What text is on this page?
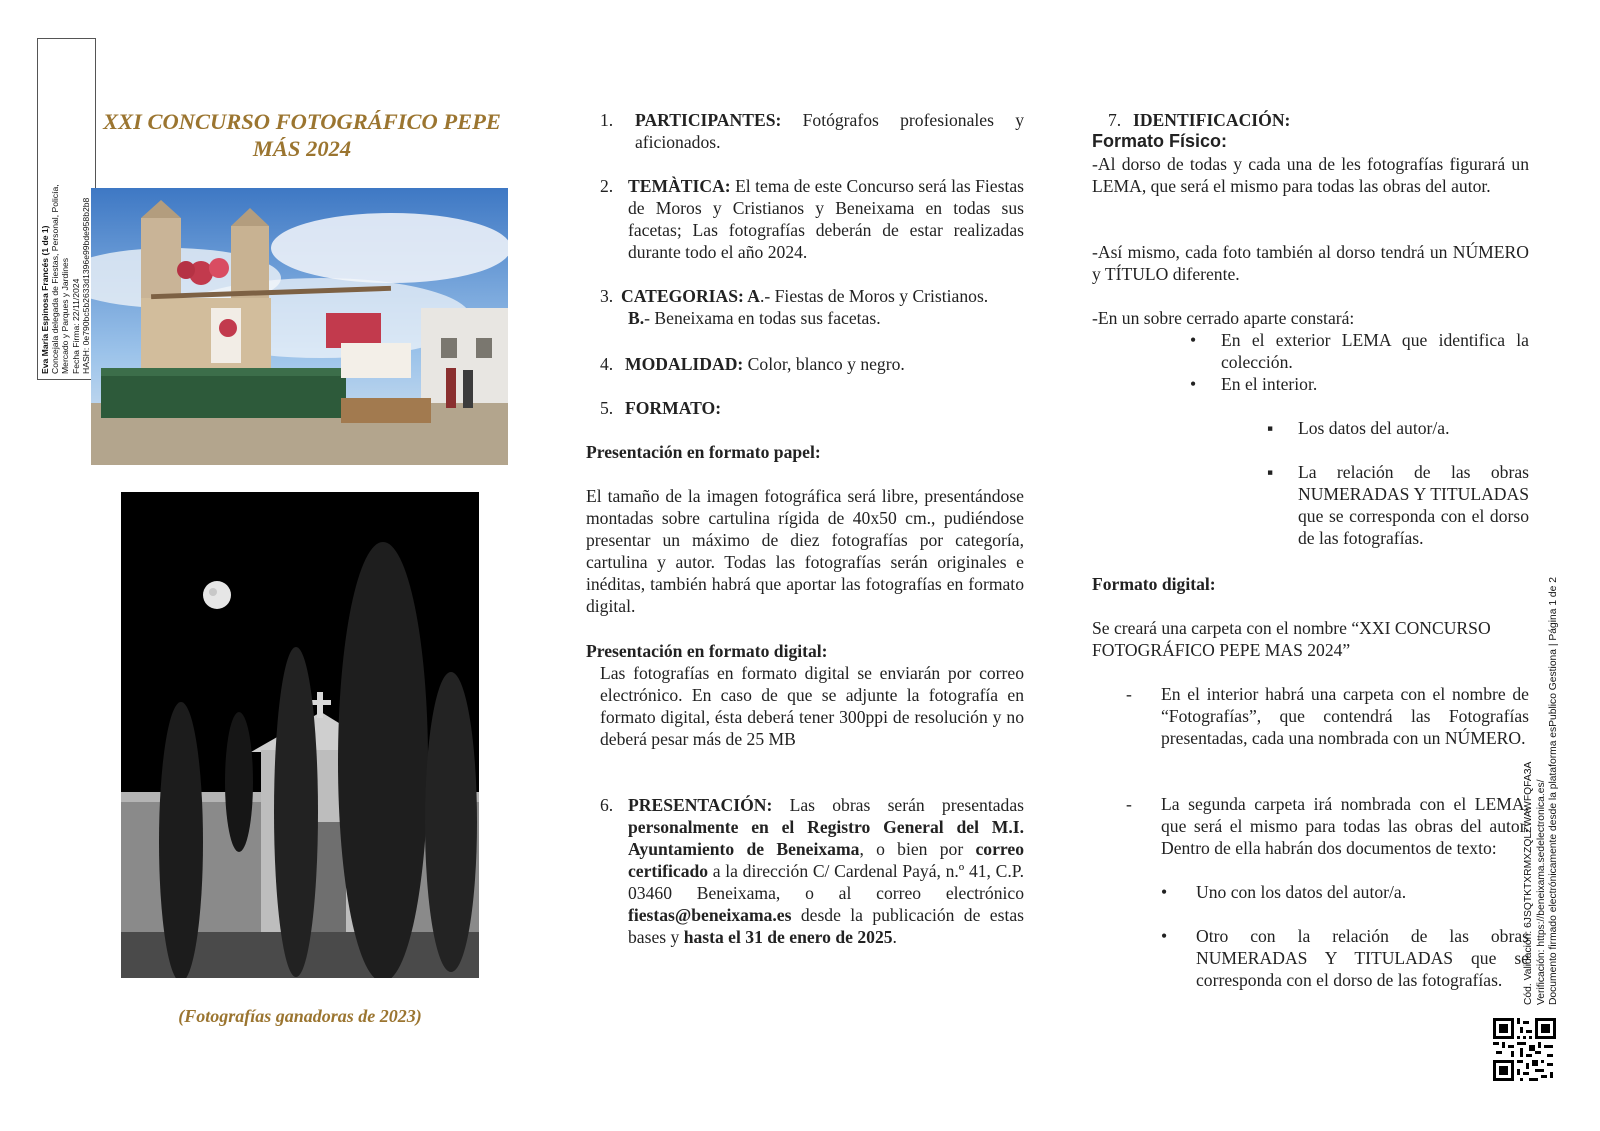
Eva María Espinosa Francés (1 de 1) Concejala delegada de Fiestas, Personal, Policía, Mercado y Parques y Jardines Fecha Firma: 22/11/2024 HASH: 0e790bc5b2633d1396e99bde958b2b8
XXI CONCURSO FOTOGRÁFICO PEPE
MÁS 2024
(Fotografías ganadoras de 2023)
1. PARTICIPANTES: Fotógrafos profesionales y aficionados.
2. TEMÀTICA: El tema de este Concurso será las Fiestas de Moros y Cristianos y Beneixama en todas sus facetas; Las fotografías deberán de estar realizadas durante todo el año 2024.
3. CATEGORIAS: A.- Fiestas de Moros y Cristianos.
B.- Beneixama en todas sus facetas.
4. MODALIDAD: Color, blanco y negro.
5. FORMATO:
Presentación en formato papel:
El tamaño de la imagen fotográfica será libre, presentándose montadas sobre cartulina rígida de 40x50 cm., pudiéndose presentar un máximo de diez fotografías por categoría, cartulina y autor. Todas las fotografías serán originales e inéditas, también habrá que aportar las fotografías en formato digital.
Presentación en formato digital:
Las fotografías en formato digital se enviarán por correo electrónico. En caso de que se adjunte la fotografía en formato digital, ésta deberá tener 300ppi de resolución y no deberá pesar más de 25 MB
6. PRESENTACIÓN: Las obras serán presentadas personalmente en el Registro General del M.I. Ayuntamiento de Beneixama, o bien por correo certificado a la dirección C/ Cardenal Payá, n.º 41, C.P. 03460 Beneixama, o al correo electrónico fiestas@beneixama.es desde la publicación de estas bases y hasta el 31 de enero de 2025.
7. IDENTIFICACIÓN:
Formato Físico:
-Al dorso de todas y cada una de les fotografías figurará un LEMA, que será el mismo para todas las obras del autor.
-Así mismo, cada foto también al dorso tendrá un NÚMERO y TÍTULO diferente.
-En un sobre cerrado aparte constará:
•	En el exterior LEMA que identifica la colección.
•	En el interior.
▪	Los datos del autor/a.
▪	La relación de las obras NUMERADAS Y TITULADAS que se corresponda con el dorso de las fotografías.
Formato digital:
Se creará una carpeta con el nombre “XXI CONCURSO FOTOGRÁFICO PEPE MAS 2024”
-	En el interior habrá una carpeta con el nombre de “Fotografías”, que contendrá las Fotografías presentadas, cada una nombrada con un NÚMERO.
-	La segunda carpeta irá nombrada con el LEMA, que será el mismo para todas las obras del autor. Dentro de ella habrán dos documentos de texto:
•	Uno con los datos del autor/a.
•	Otro con la relación de las obras NUMERADAS Y TITULADAS que se corresponda con el dorso de las fotografías.	Cód. Validación: 6JSQTKTXRMXZQLZWAWFQFA3A Verificación: https://beneixama.sedelectronica.es/ Documento firmado electrónicamente desde la plataforma esPublico Gestiona | Página 1 de 2
